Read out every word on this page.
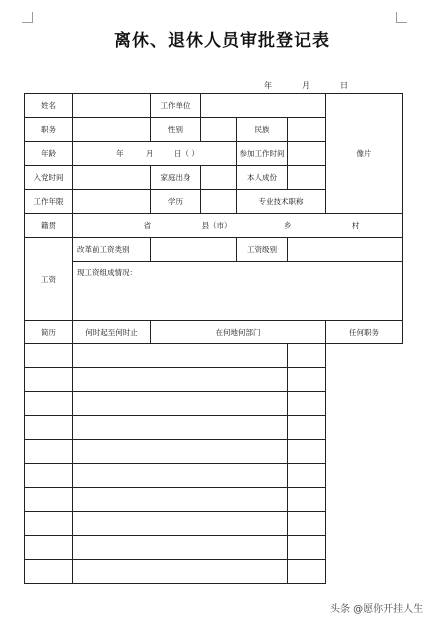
离休、退休人员审批登记表
年	月	日
姓名		工作单位				像片
职务		性别		民族		
年龄	年 月 日（ ）			参加工作时间		
入党时间		家庭出身		本人成份		
工作年限		学历		专业技术职称		
籍贯	省 县（市） 乡 村					
工资	改革前工资类别			工资级别		
	现工资组成情况：					
简历	何时起至何时止	在何地何部门				任何职务

头条 @愿你开挂人生
